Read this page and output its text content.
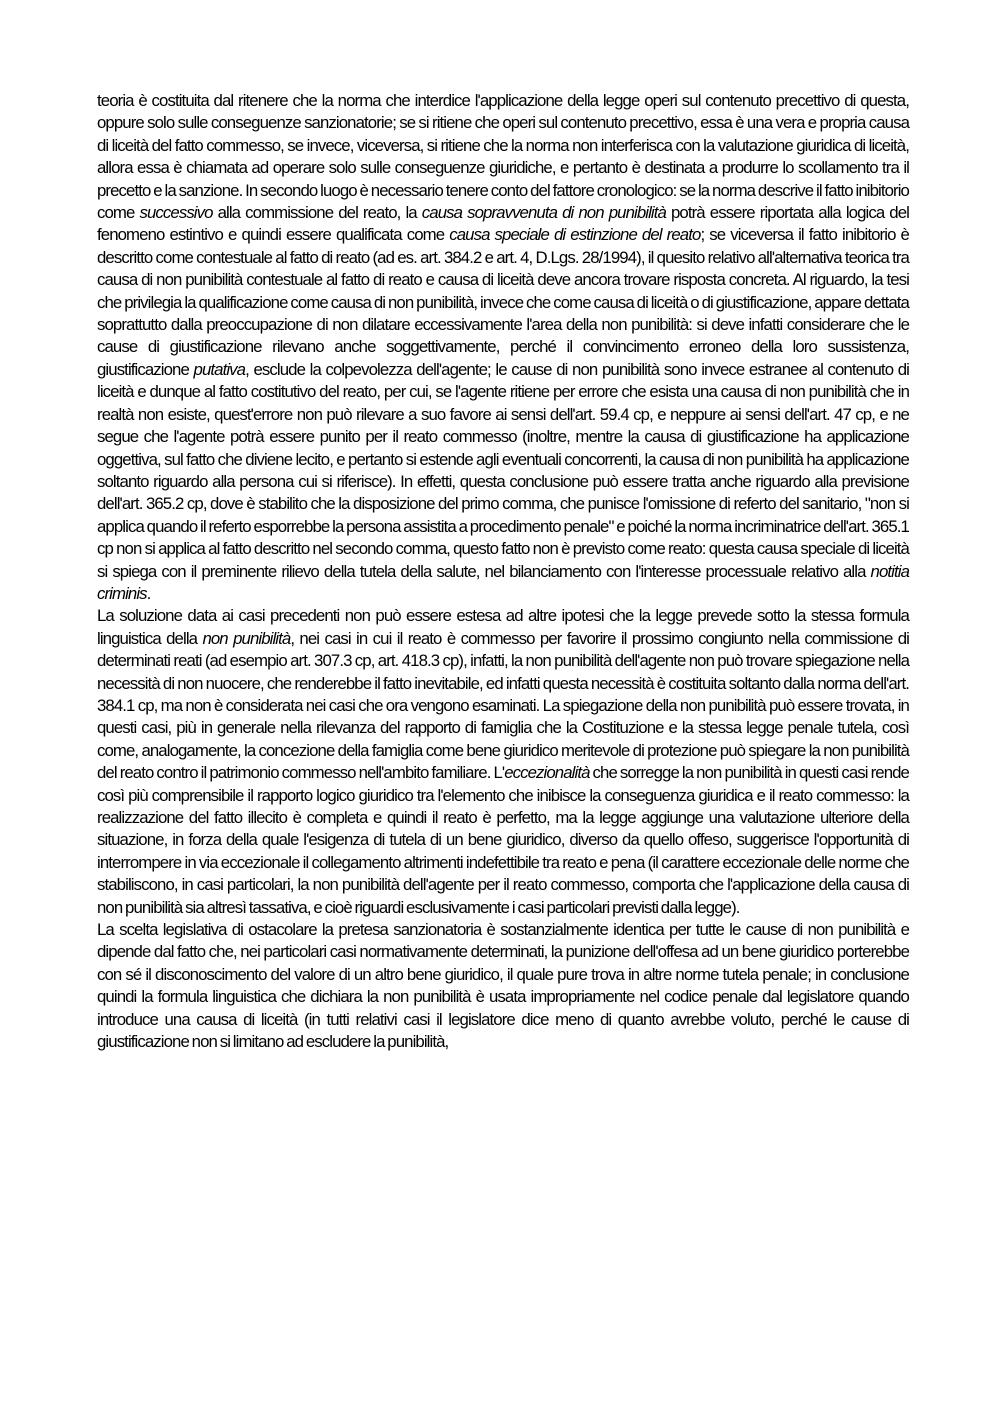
teoria è costituita dal ritenere che la norma che interdice l'applicazione della legge operi sul contenuto precettivo di questa, oppure solo sulle conseguenze sanzionatorie; se si ritiene che operi sul contenuto precettivo, essa è una vera e propria causa di liceità del fatto commesso, se invece, viceversa, si ritiene che la norma non interferisca con la valutazione giuridica di liceità, allora essa è chiamata ad operare solo sulle conseguenze giuridiche, e pertanto è destinata a produrre lo scollamento tra il precetto e la sanzione. In secondo luogo è necessario tenere conto del fattore cronologico: se la norma descrive il fatto inibitorio come successivo alla commissione del reato, la causa sopravvenuta di non punibilità potrà essere riportata alla logica del fenomeno estintivo e quindi essere qualificata come causa speciale di estinzione del reato; se viceversa il fatto inibitorio è descritto come contestuale al fatto di reato (ad es. art. 384.2 e art. 4, D.Lgs. 28/1994), il quesito relativo all'alternativa teorica tra causa di non punibilità contestuale al fatto di reato e causa di liceità deve ancora trovare risposta concreta. Al riguardo, la tesi che privilegia la qualificazione come causa di non punibilità, invece che come causa di liceità o di giustificazione, appare dettata soprattutto dalla preoccupazione di non dilatare eccessivamente l'area della non punibilità: si deve infatti considerare che le cause di giustificazione rilevano anche soggettivamente, perché il convincimento erroneo della loro sussistenza, giustificazione putativa, esclude la colpevolezza dell'agente; le cause di non punibilità sono invece estranee al contenuto di liceità e dunque al fatto costitutivo del reato, per cui, se l'agente ritiene per errore che esista una causa di non punibilità che in realtà non esiste, quest'errore non può rilevare a suo favore ai sensi dell'art. 59.4 cp, e neppure ai sensi dell'art. 47 cp, e ne segue che l'agente potrà essere punito per il reato commesso (inoltre, mentre la causa di giustificazione ha applicazione oggettiva, sul fatto che diviene lecito, e pertanto si estende agli eventuali concorrenti, la causa di non punibilità ha applicazione soltanto riguardo alla persona cui si riferisce). In effetti, questa conclusione può essere tratta anche riguardo alla previsione dell'art. 365.2 cp, dove è stabilito che la disposizione del primo comma, che punisce l'omissione di referto del sanitario, "non si applica quando il referto esporrebbe la persona assistita a procedimento penale" e poiché la norma incriminatrice dell'art. 365.1 cp non si applica al fatto descritto nel secondo comma, questo fatto non è previsto come reato: questa causa speciale di liceità si spiega con il preminente rilievo della tutela della salute, nel bilanciamento con l'interesse processuale relativo alla notitia criminis.

La soluzione data ai casi precedenti non può essere estesa ad altre ipotesi che la legge prevede sotto la stessa formula linguistica della non punibilità, nei casi in cui il reato è commesso per favorire il prossimo congiunto nella commissione di determinati reati (ad esempio art. 307.3 cp, art. 418.3 cp), infatti, la non punibilità dell'agente non può trovare spiegazione nella necessità di non nuocere, che renderebbe il fatto inevitabile, ed infatti questa necessità è costituita soltanto dalla norma dell'art. 384.1 cp, ma non è considerata nei casi che ora vengono esaminati. La spiegazione della non punibilità può essere trovata, in questi casi, più in generale nella rilevanza del rapporto di famiglia che la Costituzione e la stessa legge penale tutela, così come, analogamente, la concezione della famiglia come bene giuridico meritevole di protezione può spiegare la non punibilità del reato contro il patrimonio commesso nell'ambito familiare. L'eccezionalità che sorregge la non punibilità in questi casi rende così più comprensibile il rapporto logico giuridico tra l'elemento che inibisce la conseguenza giuridica e il reato commesso: la realizzazione del fatto illecito è completa e quindi il reato è perfetto, ma la legge aggiunge una valutazione ulteriore della situazione, in forza della quale l'esigenza di tutela di un bene giuridico, diverso da quello offeso, suggerisce l'opportunità di interrompere in via eccezionale il collegamento altrimenti indefettibile tra reato e pena (il carattere eccezionale delle norme che stabiliscono, in casi particolari, la non punibilità dell'agente per il reato commesso, comporta che l'applicazione della causa di non punibilità sia altresì tassativa, e cioè riguardi esclusivamente i casi particolari previsti dalla legge).

La scelta legislativa di ostacolare la pretesa sanzionatoria è sostanzialmente identica per tutte le cause di non punibilità e dipende dal fatto che, nei particolari casi normativamente determinati, la punizione dell'offesa ad un bene giuridico porterebbe con sé il disconoscimento del valore di un altro bene giuridico, il quale pure trova in altre norme tutela penale; in conclusione quindi la formula linguistica che dichiara la non punibilità è usata impropriamente nel codice penale dal legislatore quando introduce una causa di liceità (in tutti relativi casi il legislatore dice meno di quanto avrebbe voluto, perché le cause di giustificazione non si limitano ad escludere la punibilità,
